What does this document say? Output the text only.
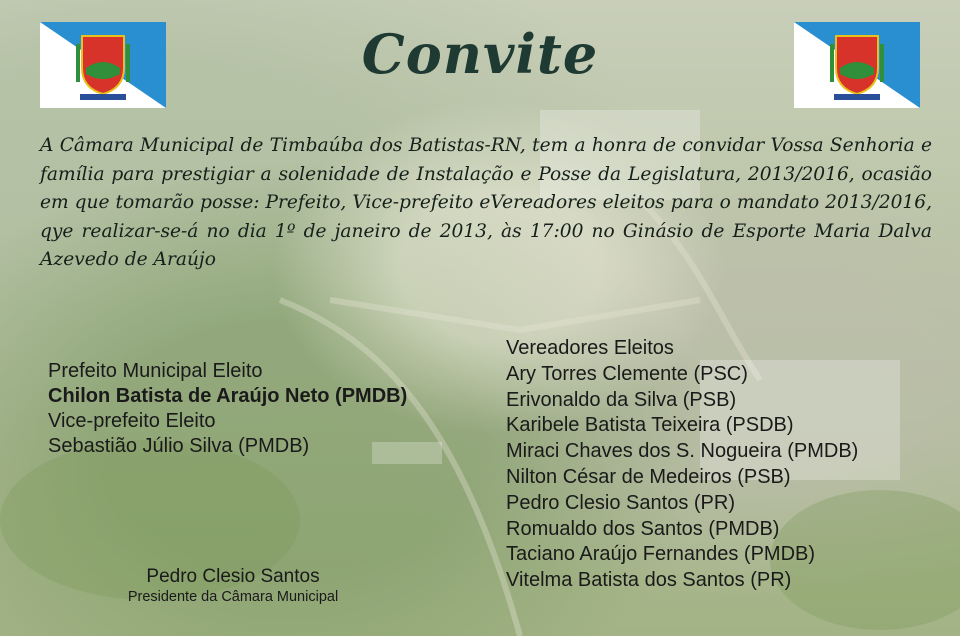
Convite
A Câmara Municipal de Timbaúba dos Batistas-RN, tem a honra de convidar Vossa Senhoria e família para prestigiar a solenidade de Instalação e Posse da Legislatura, 2013/2016, ocasião em que tomarão posse: Prefeito, Vice-prefeito eVereadores eleitos para o mandato 2013/2016, qye realizar-se-á no dia 1º de janeiro de 2013, às 17:00 no Ginásio de Esporte Maria Dalva Azevedo de Araújo
Prefeito Municipal Eleito
Chilon Batista de Araújo Neto (PMDB)
Vice-prefeito Eleito
Sebastião Júlio Silva (PMDB)
Vereadores Eleitos
Ary Torres Clemente (PSC)
Erivonaldo da Silva (PSB)
Karibele Batista Teixeira (PSDB)
Miraci Chaves dos S. Nogueira (PMDB)
Nilton César de Medeiros (PSB)
Pedro Clesio Santos (PR)
Romualdo dos Santos (PMDB)
Taciano Araújo Fernandes (PMDB)
Vitelma Batista dos Santos (PR)
Pedro Clesio Santos
Presidente da Câmara Municipal
